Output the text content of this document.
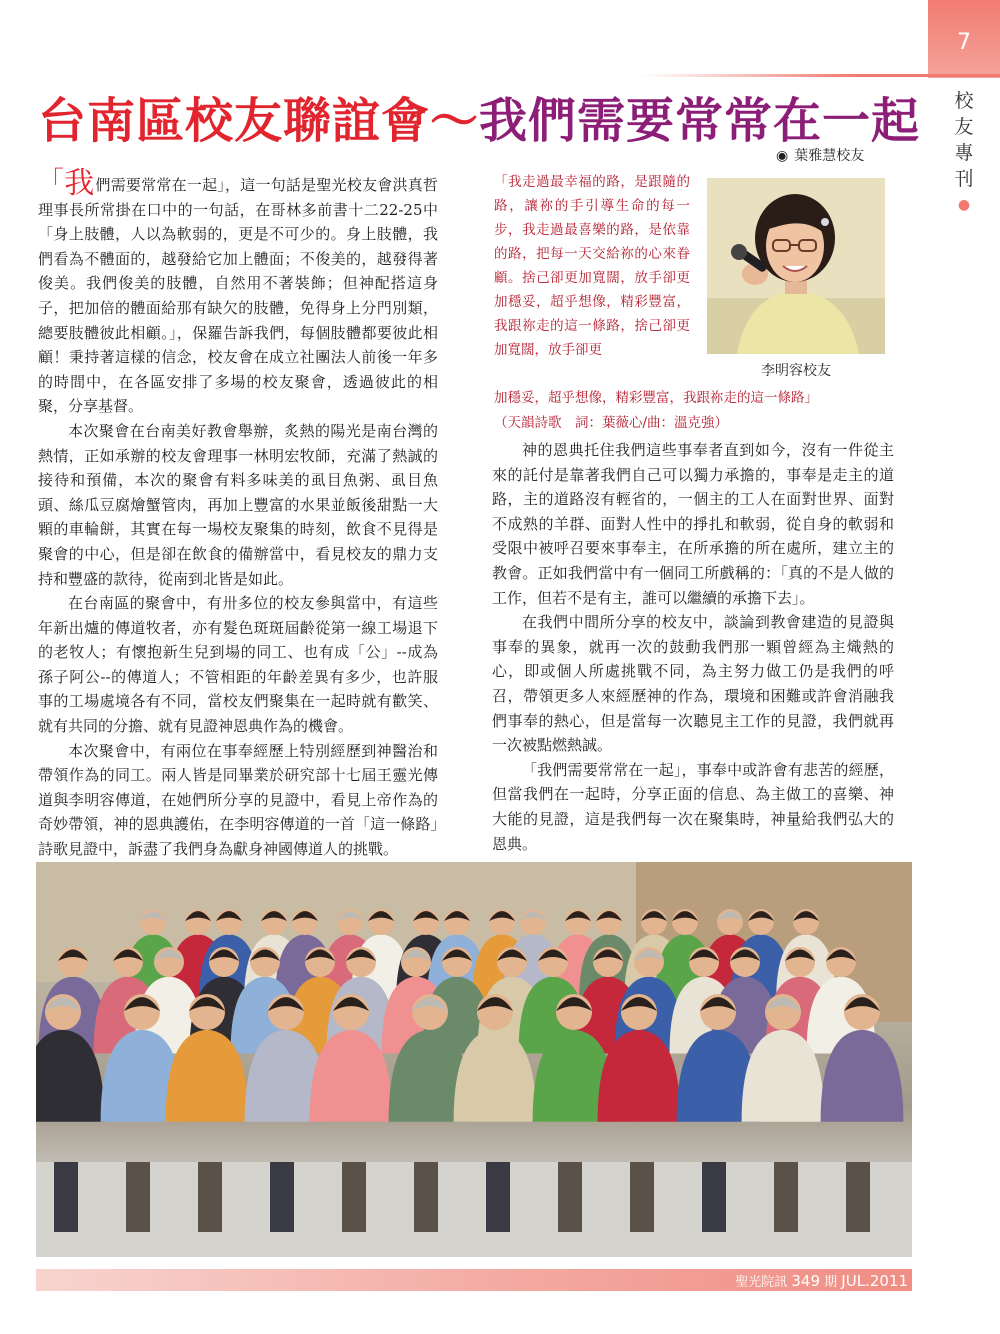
7
校
友
專
刊
●
台南區校友聯誼會～我們需要常常在一起
◉ 葉雅慧校友

「我們需要常常在一起」，這一句話是聖光校友會洪真哲理事長所常掛在口中的一句話，在哥林多前書十二22-25中「身上肢體，人以為軟弱的，更是不可少的。身上肢體，我們看為不體面的，越發給它加上體面；不俊美的，越發得著俊美。我們俊美的肢體，自然用不著裝飾；但神配搭這身子，把加倍的體面給那有缺欠的肢體，免得身上分門別類，總要肢體彼此相顧。」，保羅告訴我們，每個肢體都要彼此相顧！秉持著這樣的信念，校友會在成立社團法人前後一年多的時間中，在各區安排了多場的校友聚會，透過彼此的相聚，分享基督。

本次聚會在台南美好教會舉辦，炙熱的陽光是南台灣的熱情，正如承辦的校友會理事一林明宏牧師，充滿了熱誠的接待和預備，本次的聚會有料多味美的虱目魚粥、虱目魚頭、絲瓜豆腐燴蟹管肉，再加上豐富的水果並飯後甜點一大顆的車輪餅，其實在每一場校友聚集的時刻，飲食不見得是聚會的中心，但是卻在飲食的備辦當中，看見校友的鼎力支持和豐盛的款待，從南到北皆是如此。

在台南區的聚會中，有卅多位的校友參與當中，有這些年新出爐的傳道牧者，亦有髮色斑斑屆齡從第一線工場退下的老牧人；有懷抱新生兒到場的同工、也有成「公」--成為孫子阿公--的傳道人；不管相距的年齡差異有多少，也許服事的工場處境各有不同，當校友們聚集在一起時就有歡笑、就有共同的分擔、就有見證神恩典作為的機會。

本次聚會中，有兩位在事奉經歷上特別經歷到神醫治和帶領作為的同工。兩人皆是同畢業於研究部十七屆王靈光傳道與李明容傳道，在她們所分享的見證中，看見上帝作為的奇妙帶領，神的恩典護佑，在李明容傳道的一首「這一條路」詩歌見證中，訴盡了我們身為獻身神國傳道人的挑戰。

「我走過最幸福的路，是跟隨的路，讓祢的手引導生命的每一步，我走過最喜樂的路，是依靠的路，把每一天交給祢的心來眷顧。捨己卻更加寬闊，放手卻更加穩妥，超乎想像，精彩豐富，我跟祢走的這一條路，捨己卻更加寬闊，放手卻更
加穩妥，超乎想像，精彩豐富，我跟祢走的這一條路」
（天韻詩歌　詞：葉薇心/曲：溫克強）
李明容校友

神的恩典托住我們這些事奉者直到如今，沒有一件從主來的託付是靠著我們自己可以獨力承擔的，事奉是走主的道路，主的道路沒有輕省的，一個主的工人在面對世界、面對不成熟的羊群、面對人性中的掙扎和軟弱，從自身的軟弱和受限中被呼召要來事奉主，在所承擔的所在處所，建立主的教會。正如我們當中有一個同工所戲稱的：「真的不是人做的工作，但若不是有主，誰可以繼續的承擔下去」。

在我們中間所分享的校友中，談論到教會建造的見證與事奉的異象，就再一次的鼓動我們那一顆曾經為主熾熱的心，即或個人所處挑戰不同，為主努力做工仍是我們的呼召，帶領更多人來經歷神的作為，環境和困難或許會消融我們事奉的熱心，但是當每一次聽見主工作的見證，我們就再一次被點燃熱誠。

「我們需要常常在一起」，事奉中或許會有悲苦的經歷，但當我們在一起時，分享正面的信息、為主做工的喜樂、神大能的見證，這是我們每一次在聚集時，神量給我們弘大的恩典。

聖光院訊 349 期 JUL.2011
